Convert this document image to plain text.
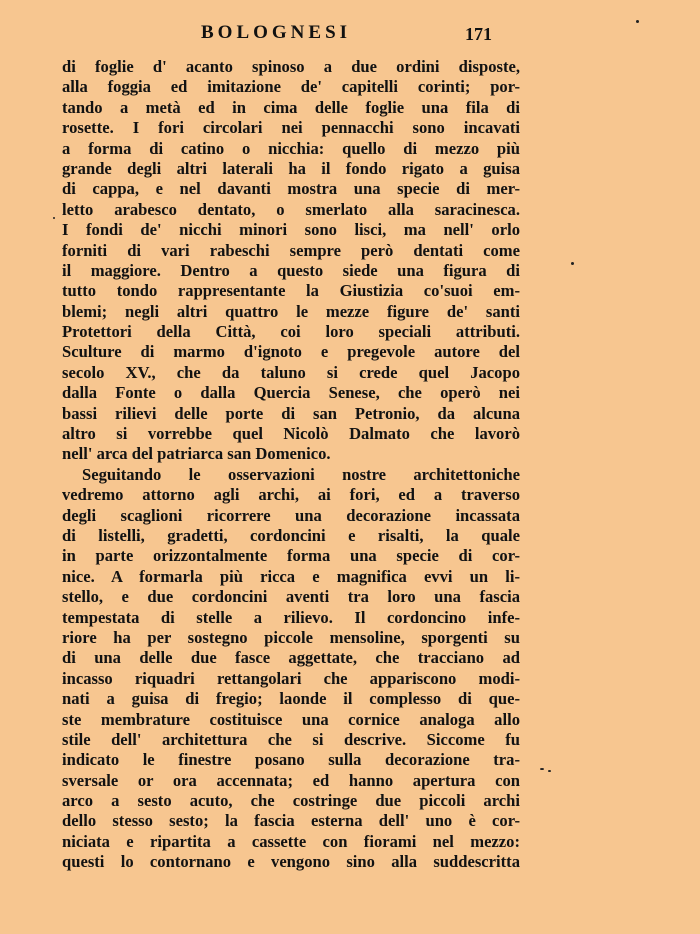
BOLOGNESI	171
di foglie d' acanto spinoso a due ordini disposte,
alla foggia ed imitazione de' capitelli corinti; por-
tando a metà ed in cima delle foglie una fila di
rosette. I fori circolari nei pennacchi sono incavati
a forma di catino o nicchia: quello di mezzo più
grande degli altri laterali ha il fondo rigato a guisa
di cappa, e nel davanti mostra una specie di mer-
letto arabesco dentato, o smerlato alla saracinesca.
I fondi de' nicchi minori sono lisci, ma nell' orlo
forniti di vari rabeschi sempre però dentati come
il maggiore. Dentro a questo siede una figura di
tutto tondo rappresentante la Giustizia co'suoi em-
blemi; negli altri quattro le mezze figure de' santi
Protettori della Città, coi loro speciali attributi.
Sculture di marmo d'ignoto e pregevole autore del
secolo XV., che da taluno si crede quel Jacopo
dalla Fonte o dalla Quercia Senese, che operò nei
bassi rilievi delle porte di san Petronio, da alcuna
altro si vorrebbe quel Nicolò Dalmato che lavorò
nell' arca del patriarca san Domenico.
Seguitando le osservazioni nostre architettoniche
vedremo attorno agli archi, ai fori, ed a traverso
degli scaglioni ricorrere una decorazione incassata
di listelli, gradetti, cordoncini e risalti, la quale
in parte orizzontalmente forma una specie di cor-
nice. A formarla più ricca e magnifica evvi un li-
stello, e due cordoncini aventi tra loro una fascia
tempestata di stelle a rilievo. Il cordoncino infe-
riore ha per sostegno piccole mensoline, sporgenti su
di una delle due fasce aggettate, che tracciano ad
incasso riquadri rettangolari che appariscono modi-
nati a guisa di fregio; laonde il complesso di que-
ste membrature costituisce una cornice analoga allo
stile dell' architettura che si descrive. Siccome fu
indicato le finestre posano sulla decorazione tra-
sversale or ora accennata; ed hanno apertura con
arco a sesto acuto, che costringe due piccoli archi
dello stesso sesto; la fascia esterna dell' uno è cor-
niciata e ripartita a cassette con fiorami nel mezzo:
questi lo contornano e vengono sino alla suddescritta
